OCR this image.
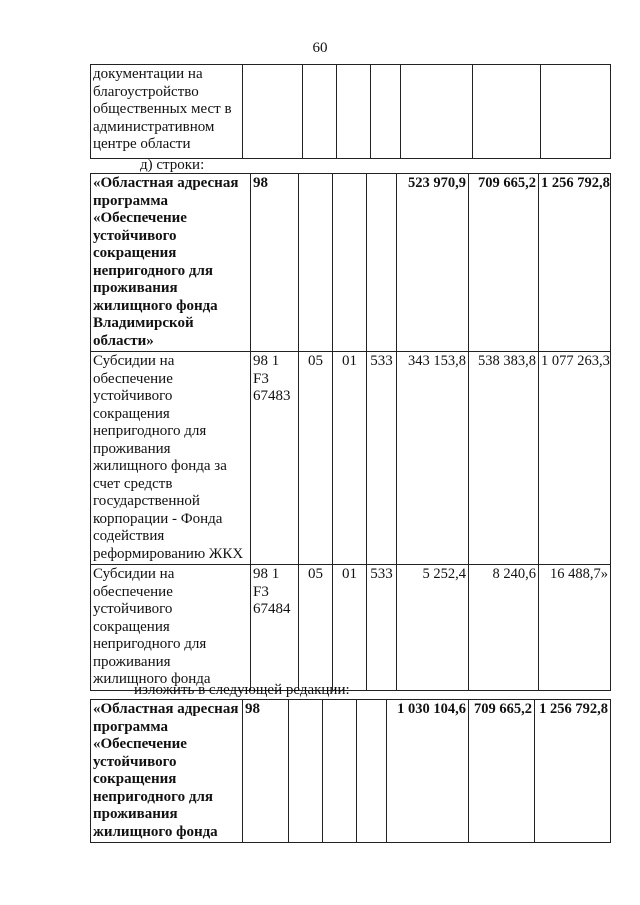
60
документации на благоустройство общественных мест в административном центре области							
д) строки:
«Областная адресная программа «Обеспечение устойчивого сокращения непригодного для проживания жилищного фонда Владимирской области»	98				523 970,9	709 665,2	1 256 792,8
Субсидии на обеспечение устойчивого сокращения непригодного для проживания жилищного фонда за счет средств государственной корпорации - Фонда содействия реформированию ЖКХ	98 1 F3 67483	05	01	533	343 153,8	538 383,8	1 077 263,3
Субсидии на обеспечение устойчивого сокращения непригодного для проживания жилищного фонда	98 1 F3 67484	05	01	533	5 252,4	8 240,6	16 488,7»
изложить в следующей редакции:
«Областная адресная программа «Обеспечение устойчивого сокращения непригодного для проживания жилищного фонда	98				1 030 104,6	709 665,2	1 256 792,8
